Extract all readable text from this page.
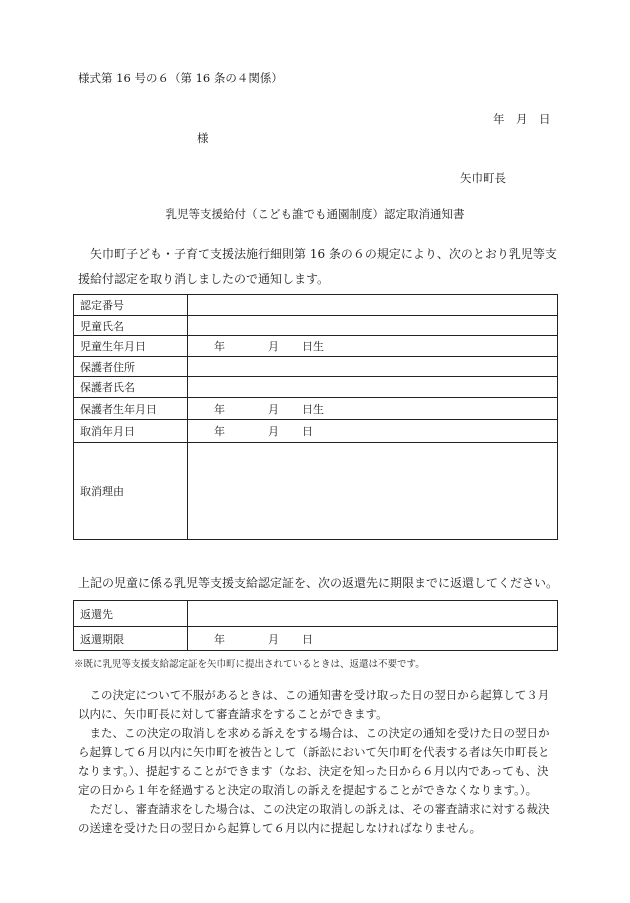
様式第 16 号の６（第 16 条の４関係）
年　月　日
様
矢巾町長
乳児等支援給付（こども誰でも通園制度）認定取消通知書
矢巾町子ども・子育て支援法施行細則第 16 条の６の規定により、次のとおり乳児等支援給付認定を取り消しましたので通知します。
認定番号	
児童氏名	
児童生年月日	年 月 日生
保護者住所	
保護者氏名	
保護者生年月日	年 月 日生
取消年月日	年 月 日
取消理由	
上記の児童に係る乳児等支援支給認定証を、次の返還先に期限までに返還してください。
返還先	
返還期限	年 月 日
※既に乳児等支援支給認定証を矢巾町に提出されているときは、返還は不要です。

この決定について不服があるときは、この通知書を受け取った日の翌日から起算して３月以内に、矢巾町長に対して審査請求をすることができます。

また、この決定の取消しを求める訴えをする場合は、この決定の通知を受けた日の翌日から起算して６月以内に矢巾町を被告として（訴訟において矢巾町を代表する者は矢巾町長となります。）、提起することができます（なお、決定を知った日から６月以内であっても、決定の日から１年を経過すると決定の取消しの訴えを提起することができなくなります。）。

ただし、審査請求をした場合は、この決定の取消しの訴えは、その審査請求に対する裁決の送達を受けた日の翌日から起算して６月以内に提起しなければなりません。
